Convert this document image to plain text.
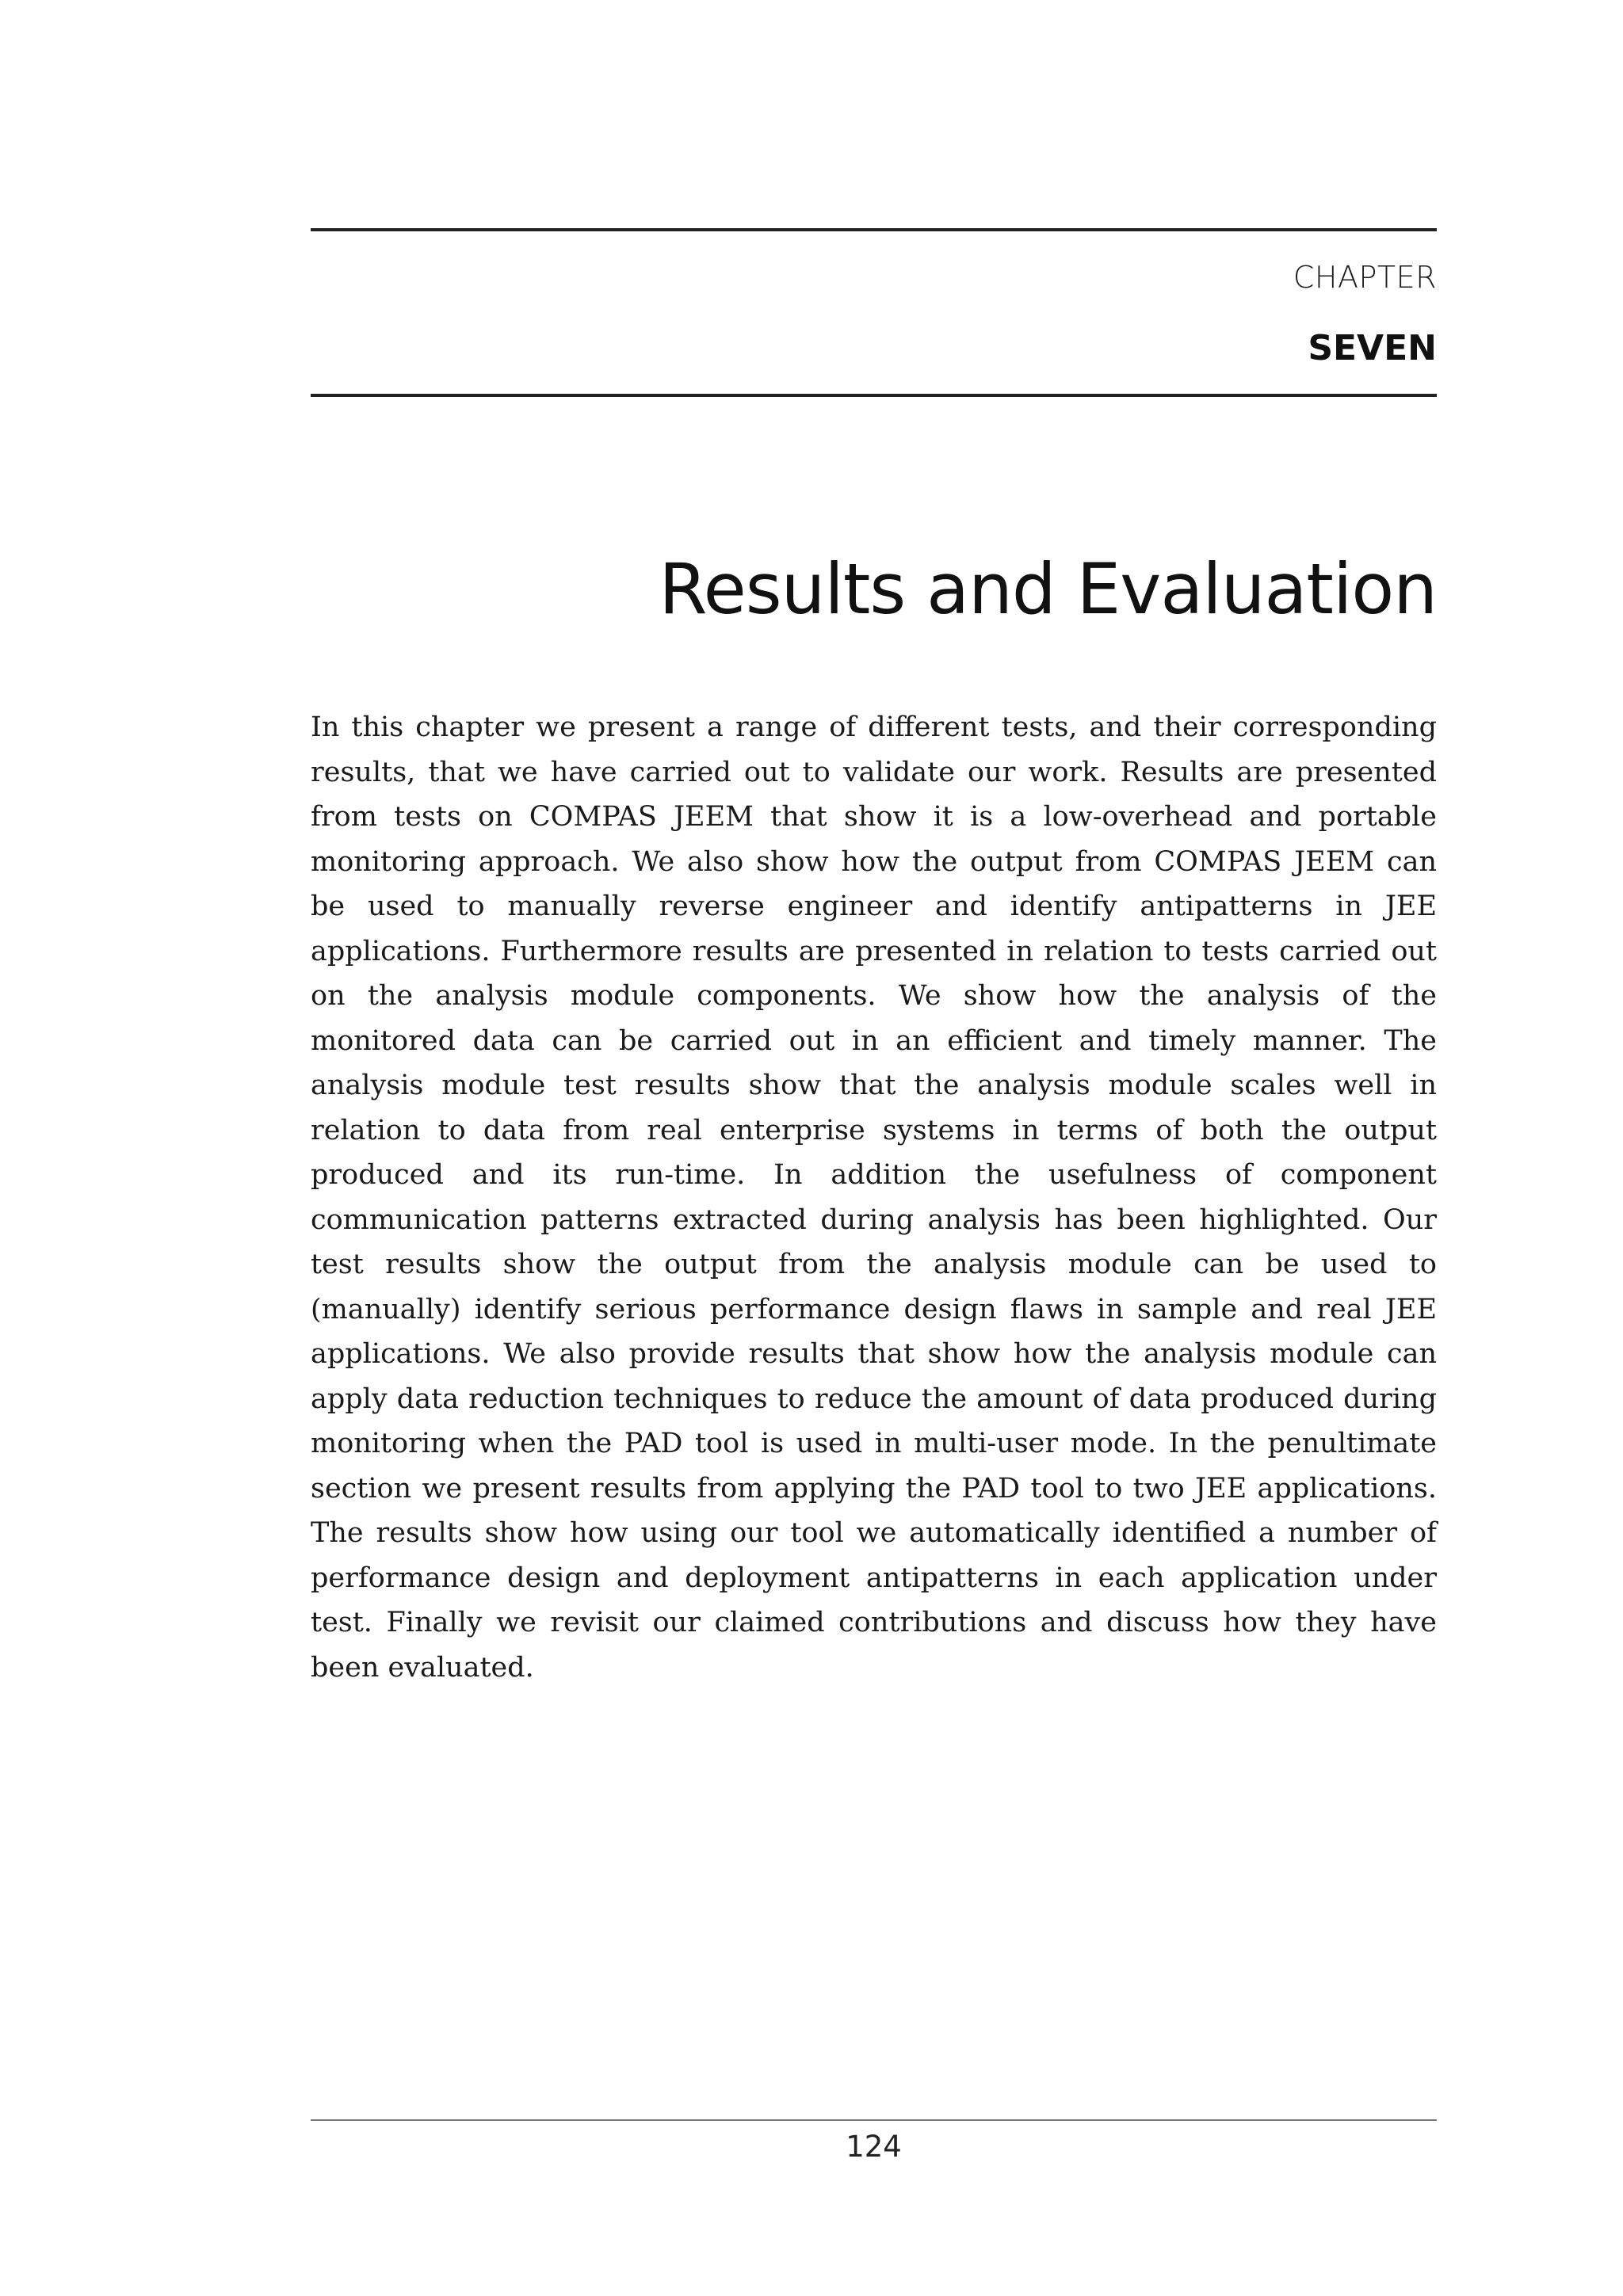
CHAPTER
SEVEN
Results and Evaluation

In this chapter we present a range of different tests, and their corresponding results, that we have carried out to validate our work. Results are presented from tests on COMPAS JEEM that show it is a low-overhead and portable monitoring approach. We also show how the output from COMPAS JEEM can be used to manually reverse engineer and identify antipatterns in JEE applications. Furthermore results are presented in relation to tests carried out on the analysis module components. We show how the analysis of the monitored data can be carried out in an efficient and timely manner. The analysis module test results show that the analysis module scales well in relation to data from real enterprise systems in terms of both the output produced and its run-time. In addition the usefulness of component communication patterns extracted during analysis has been highlighted. Our test results show the output from the analysis module can be used to (manually) identify serious performance design flaws in sample and real JEE applications. We also provide results that show how the analysis module can apply data reduction techniques to reduce the amount of data produced during monitoring when the PAD tool is used in multi-user mode. In the penultimate section we present results from applying the PAD tool to two JEE applications. The results show how using our tool we automatically identified a number of performance design and deployment antipatterns in each application under test. Finally we revisit our claimed contributions and discuss how they have been evaluated.

124
